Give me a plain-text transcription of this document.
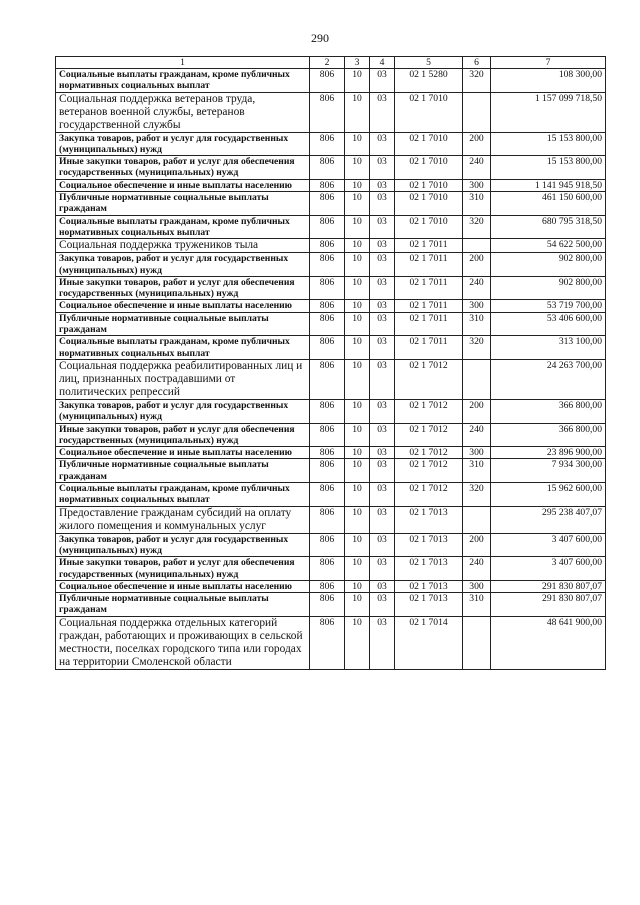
290
1	2	3	4	5	6	7
Социальные выплаты гражданам, кроме публичных нормативных социальных выплат	806	10	03	02 1 5280	320	108 300,00
Социальная поддержка ветеранов труда, ветеранов военной службы, ветеранов государственной службы	806	10	03	02 1 7010		1 157 099 718,50
Закупка товаров, работ и услуг для государственных (муниципальных) нужд	806	10	03	02 1 7010	200	15 153 800,00
Иные закупки товаров, работ и услуг для обеспечения государственных (муниципальных) нужд	806	10	03	02 1 7010	240	15 153 800,00
Социальное обеспечение и иные выплаты населению	806	10	03	02 1 7010	300	1 141 945 918,50
Публичные нормативные социальные выплаты гражданам	806	10	03	02 1 7010	310	461 150 600,00
Социальные выплаты гражданам, кроме публичных нормативных социальных выплат	806	10	03	02 1 7010	320	680 795 318,50
Социальная поддержка тружеников тыла	806	10	03	02 1 7011		54 622 500,00
Закупка товаров, работ и услуг для государственных (муниципальных) нужд	806	10	03	02 1 7011	200	902 800,00
Иные закупки товаров, работ и услуг для обеспечения государственных (муниципальных) нужд	806	10	03	02 1 7011	240	902 800,00
Социальное обеспечение и иные выплаты населению	806	10	03	02 1 7011	300	53 719 700,00
Публичные нормативные социальные выплаты гражданам	806	10	03	02 1 7011	310	53 406 600,00
Социальные выплаты гражданам, кроме публичных нормативных социальных выплат	806	10	03	02 1 7011	320	313 100,00
Социальная поддержка реабилитированных лиц и лиц, признанных пострадавшими от политических репрессий	806	10	03	02 1 7012		24 263 700,00
Закупка товаров, работ и услуг для государственных (муниципальных) нужд	806	10	03	02 1 7012	200	366 800,00
Иные закупки товаров, работ и услуг для обеспечения государственных (муниципальных) нужд	806	10	03	02 1 7012	240	366 800,00
Социальное обеспечение и иные выплаты населению	806	10	03	02 1 7012	300	23 896 900,00
Публичные нормативные социальные выплаты гражданам	806	10	03	02 1 7012	310	7 934 300,00
Социальные выплаты гражданам, кроме публичных нормативных социальных выплат	806	10	03	02 1 7012	320	15 962 600,00
Предоставление гражданам субсидий на оплату жилого помещения и коммунальных услуг	806	10	03	02 1 7013		295 238 407,07
Закупка товаров, работ и услуг для государственных (муниципальных) нужд	806	10	03	02 1 7013	200	3 407 600,00
Иные закупки товаров, работ и услуг для обеспечения государственных (муниципальных) нужд	806	10	03	02 1 7013	240	3 407 600,00
Социальное обеспечение и иные выплаты населению	806	10	03	02 1 7013	300	291 830 807,07
Публичные нормативные социальные выплаты гражданам	806	10	03	02 1 7013	310	291 830 807,07
Социальная поддержка отдельных категорий граждан, работающих и проживающих в сельской местности, поселках городского типа или городах на территории Смоленской области	806	10	03	02 1 7014		48 641 900,00
